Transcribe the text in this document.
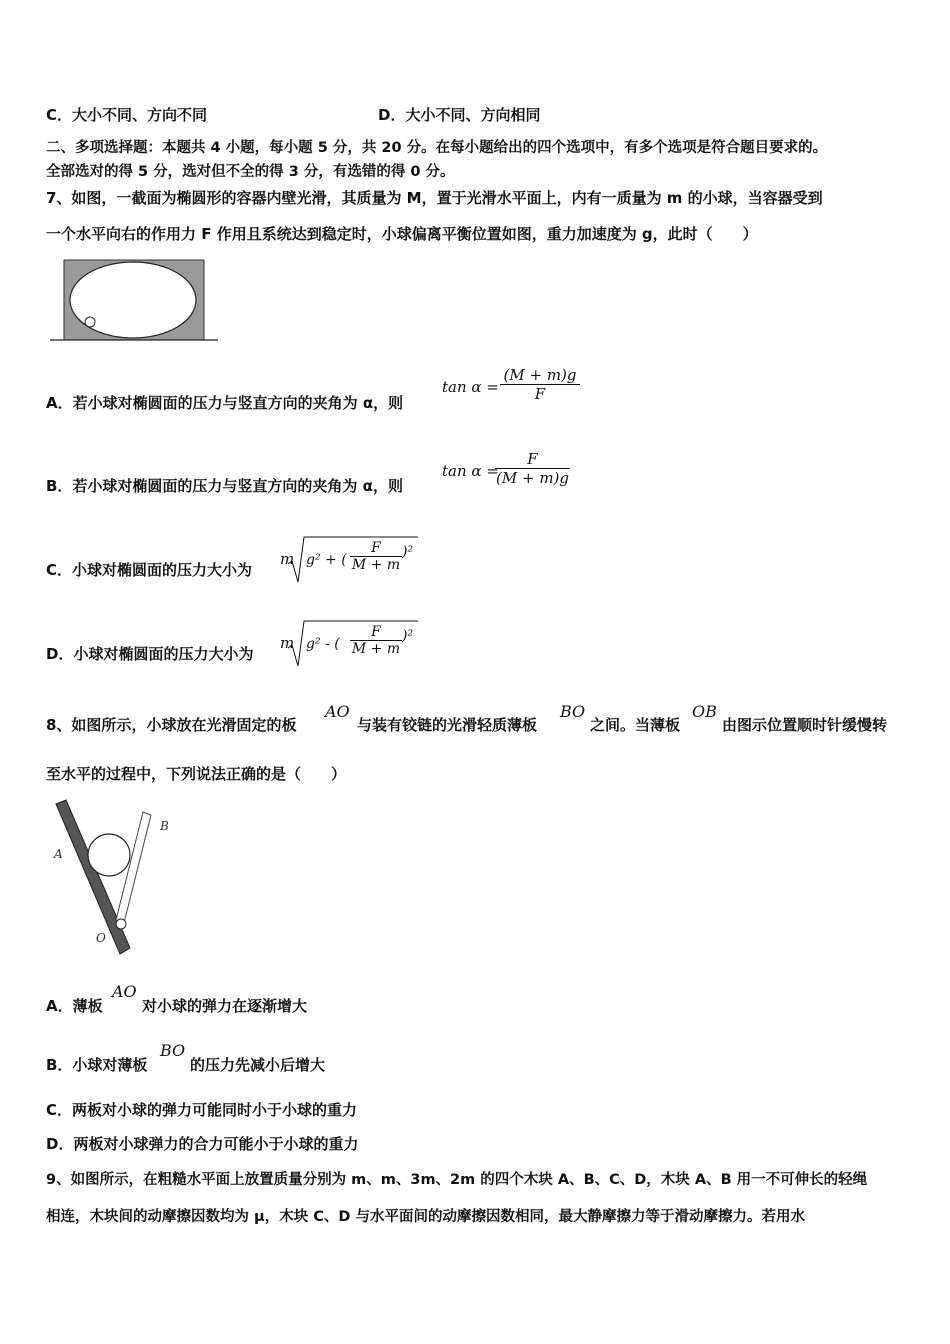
C．大小不同、方向不同	D．大小不同、方向相同
二、多项选择题：本题共 4 小题，每小题 5 分，共 20 分。在每小题给出的四个选项中，有多个选项是符合题目要求的。
全部选对的得 5 分，选对但不全的得 3 分，有选错的得 0 分。
7、如图，一截面为椭圆形的容器内壁光滑，其质量为 M，置于光滑水平面上，内有一质量为 m 的小球，当容器受到
一个水平向右的作用力 F 作用且系统达到稳定时，小球偏离平衡位置如图，重力加速度为 g，此时（　　）
A．若小球对椭圆面的压力与竖直方向的夹角为 α，则
tan α =
(M + m)g
F
B．若小球对椭圆面的压力与竖直方向的夹角为 α，则
tan α =
F
(M + m)g
C．小球对椭圆面的压力大小为
m g² + (
F
M + m
)²
D．小球对椭圆面的压力大小为
m g² - (
F
M + m
)²
8、如图所示，小球放在光滑固定的板
AO
与装有铰链的光滑轻质薄板
BO
之间。当薄板
OB
由图示位置顺时针缓慢转
至水平的过程中，下列说法正确的是（　　）
A
B
O
A．薄板
AO
对小球的弹力在逐渐增大
B．小球对薄板
BO
的压力先减小后增大
C．两板对小球的弹力可能同时小于小球的重力
D．两板对小球弹力的合力可能小于小球的重力
9、如图所示，在粗糙水平面上放置质量分别为 m、m、3m、2m 的四个木块 A、B、C、D，木块 A、B 用一不可伸长的轻绳
相连，木块间的动摩擦因数均为 μ，木块 C、D 与水平面间的动摩擦因数相同，最大静摩擦力等于滑动摩擦力。若用水
